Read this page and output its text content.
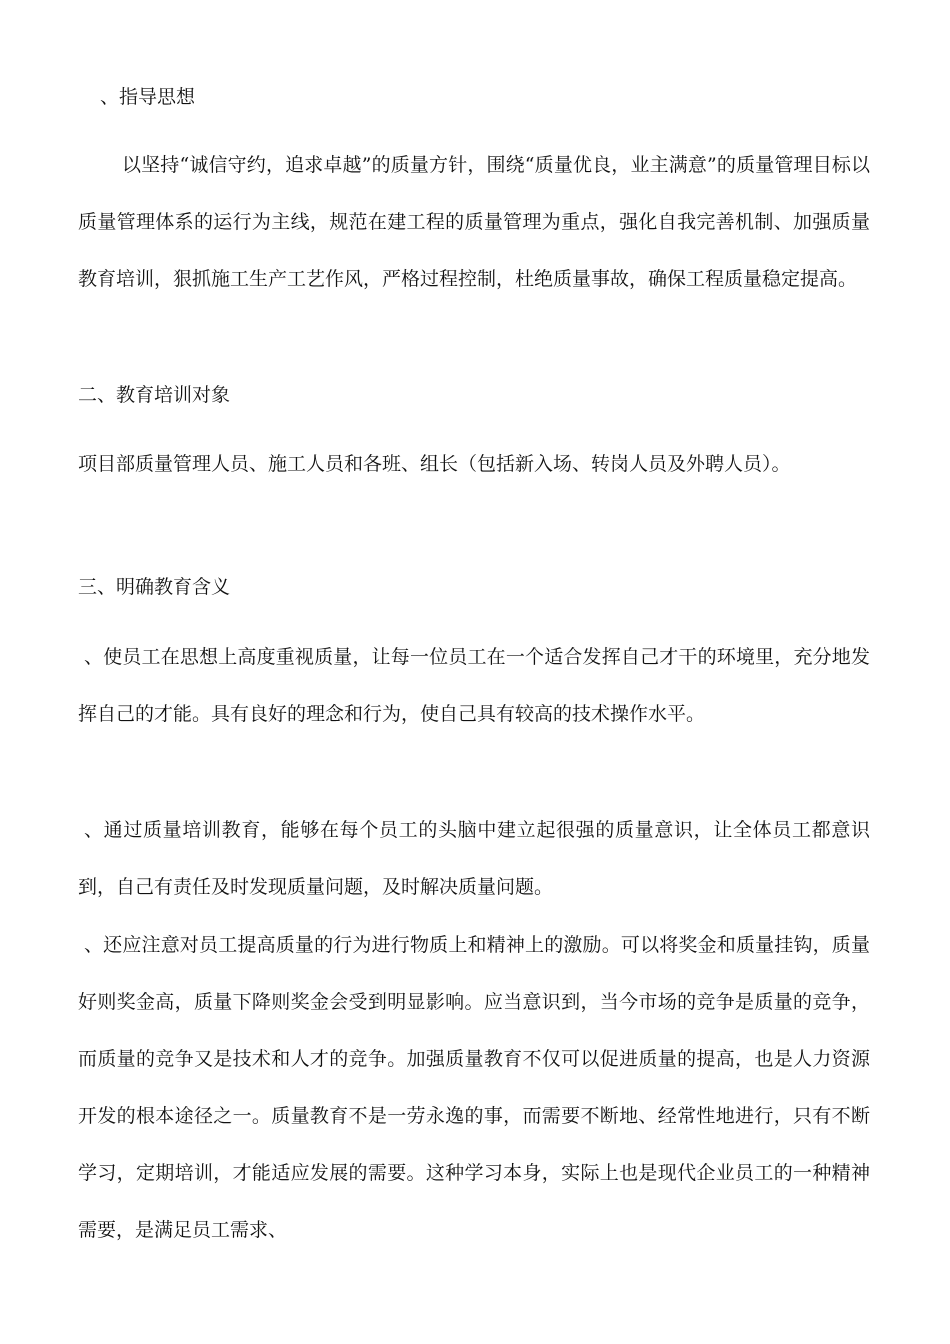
、指导思想

以坚持“诚信守约，追求卓越”的质量方针，围绕“质量优良，业主满意”的质量管理目标以质量管理体系的运行为主线，规范在建工程的质量管理为重点，强化自我完善机制、加强质量教育培训，狠抓施工生产工艺作风，严格过程控制，杜绝质量事故，确保工程质量稳定提高。

二、教育培训对象

项目部质量管理人员、施工人员和各班、组长（包括新入场、转岗人员及外聘人员）。

三、明确教育含义

、使员工在思想上高度重视质量，让每一位员工在一个适合发挥自己才干的环境里，充分地发挥自己的才能。具有良好的理念和行为，使自己具有较高的技术操作水平。

、通过质量培训教育，能够在每个员工的头脑中建立起很强的质量意识，让全体员工都意识到，自己有责任及时发现质量问题，及时解决质量问题。

、还应注意对员工提高质量的行为进行物质上和精神上的激励。可以将奖金和质量挂钩，质量好则奖金高，质量下降则奖金会受到明显影响。应当意识到，当今市场的竞争是质量的竞争，而质量的竞争又是技术和人才的竞争。加强质量教育不仅可以促进质量的提高，也是人力资源开发的根本途径之一。质量教育不是一劳永逸的事，而需要不断地、经常性地进行，只有不断学习，定期培训，才能适应发展的需要。这种学习本身，实际上也是现代企业员工的一种精神需要，是满足员工需求、
